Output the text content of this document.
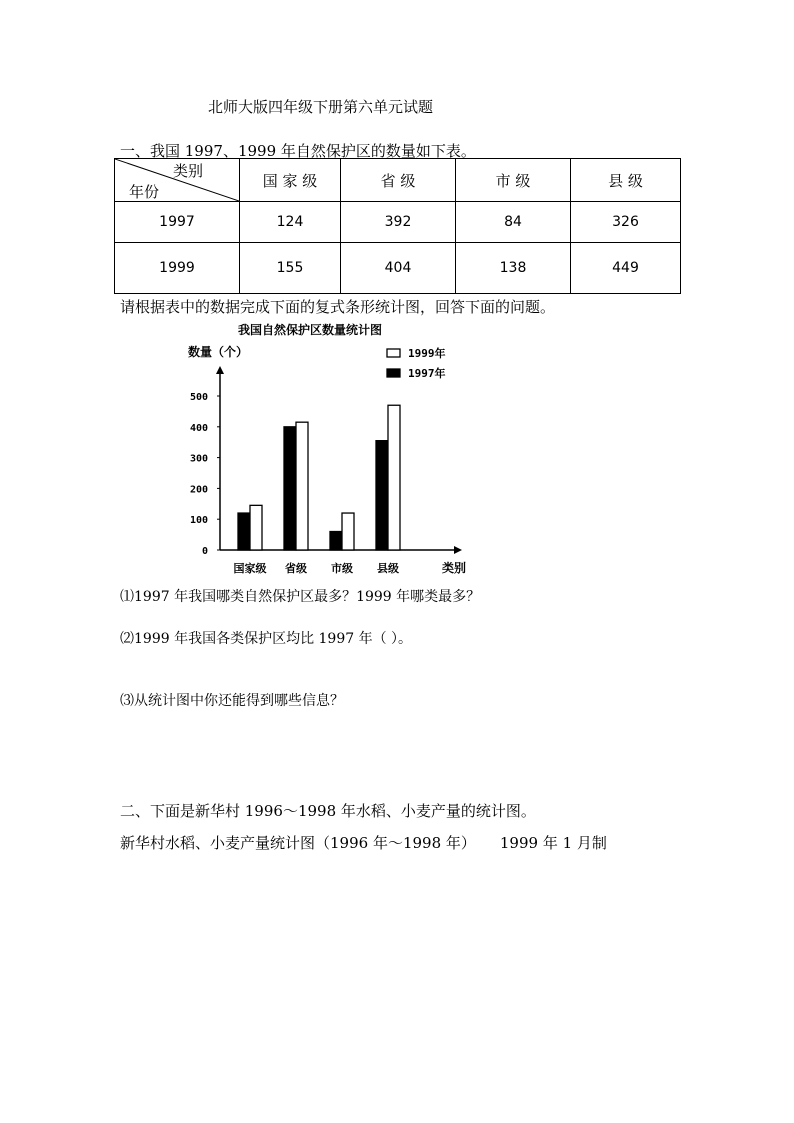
北师大版四年级下册第六单元试题
一、我国 1997、1999 年自然保护区的数量如下表。
类别
年份	国 家 级	省 级	市 级	县 级
1997	124	392	84	326
1999	155	404	138	449
请根据表中的数据完成下面的复式条形统计图，回答下面的问题。
我国自然保护区数量统计图
数量（个）
类别
0
100
200
300
400
500
国家级 省级 市级 县级
1999年
1997年
⑴1997 年我国哪类自然保护区最多？1999 年哪类最多？
⑵1999 年我国各类保护区均比 1997 年（ ）。
⑶从统计图中你还能得到哪些信息？
二、下面是新华村 1996～1998 年水稻、小麦产量的统计图。
新华村水稻、小麦产量统计图（1996 年～1998 年） 1999 年 1 月制
